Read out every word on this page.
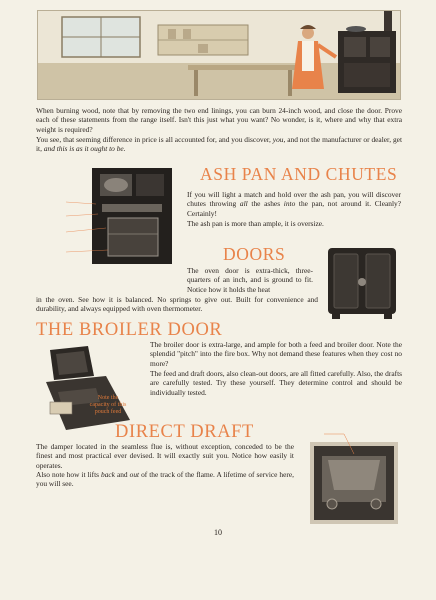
When burning wood, note that by removing the two end linings, you can burn 24-inch wood, and close the door. Prove each of these statements from the range itself. Isn't this just what you want? No wonder, is it, where and why that extra weight is required?

You see, that seeming difference in price is all accounted for, and you discover, you, and not the manufacturer or dealer, get it, and this is as it ought to be.

ASH PAN AND CHUTES

If you will light a match and hold over the ash pan, you will discover chutes throwing all the ashes into the pan, not around it. Cleanly? Certainly!

The ash pan is more than ample, it is oversize.

DOORS

The oven door is extra-thick, three-quarters of an inch, and is ground to fit. Notice how it holds the heat

in the oven. See how it is balanced. No springs to give out. Built for convenience and durability, and always equipped with oven thermometer.

THE BROILER DOOR
Note the capacity of this pouch feed

The broiler door is extra-large, and ample for both a feed and broiler door. Note the splendid "pitch" into the fire box. Why not demand these features when they cost no more?

The feed and draft doors, also clean-out doors, are all fitted carefully. Also, the drafts are carefully tested. Try these yourself. They determine control and should be individually tested.

DIRECT DRAFT

The damper located in the seamless flue is, without exception, conceded to be the finest and most practical ever devised. It will exactly suit you. Notice how easily it operates.

Also note how it lifts back and out of the track of the flame. A lifetime of service here, you will see.

10
